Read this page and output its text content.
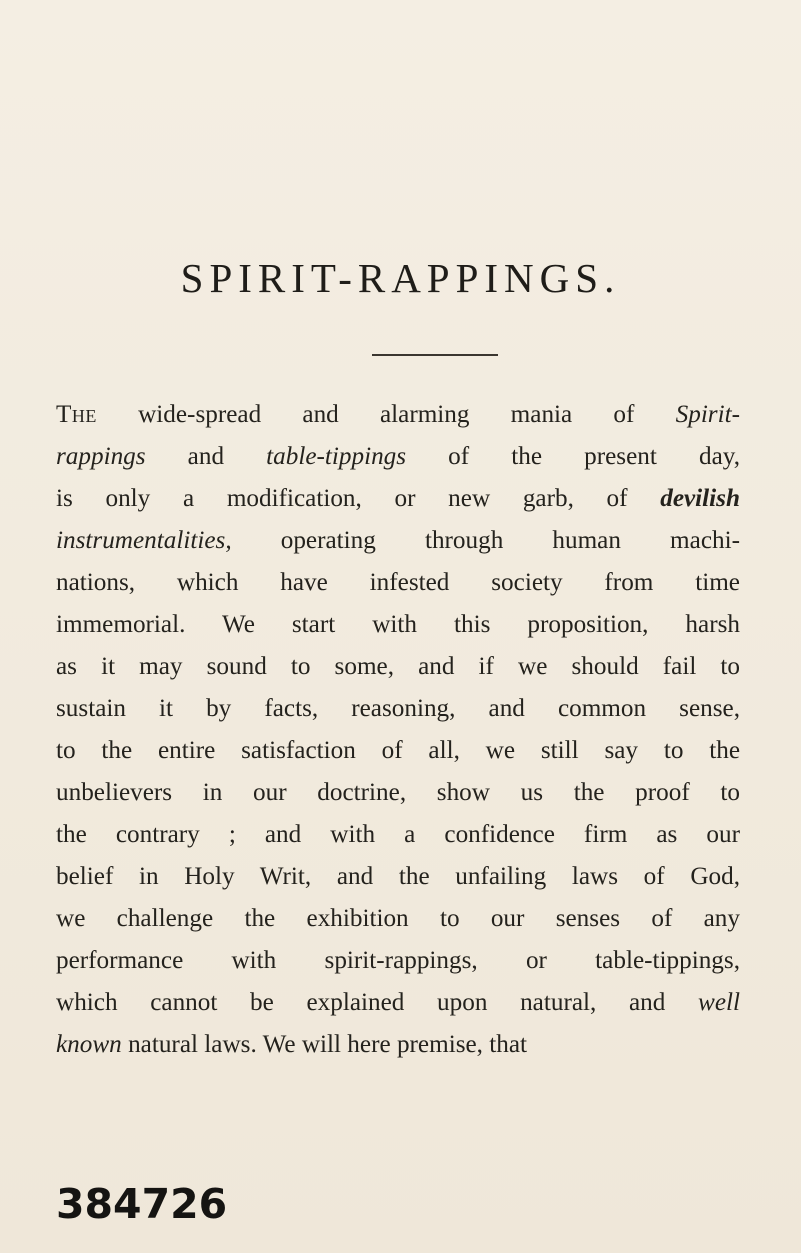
SPIRIT-RAPPINGS.
The wide-spread and alarming mania of Spirit-
rappings and table-tippings of the present day,
is only a modification, or new garb, of devilish
instrumentalities, operating through human machi-
nations, which have infested society from time
immemorial. We start with this proposition, harsh
as it may sound to some, and if we should fail to
sustain it by facts, reasoning, and common sense,
to the entire satisfaction of all, we still say to the
unbelievers in our doctrine, show us the proof to
the contrary ; and with a confidence firm as our
belief in Holy Writ, and the unfailing laws of God,
we challenge the exhibition to our senses of any
performance with spirit-rappings, or table-tippings,
which cannot be explained upon natural, and well
known natural laws. We will here premise, that

384726
